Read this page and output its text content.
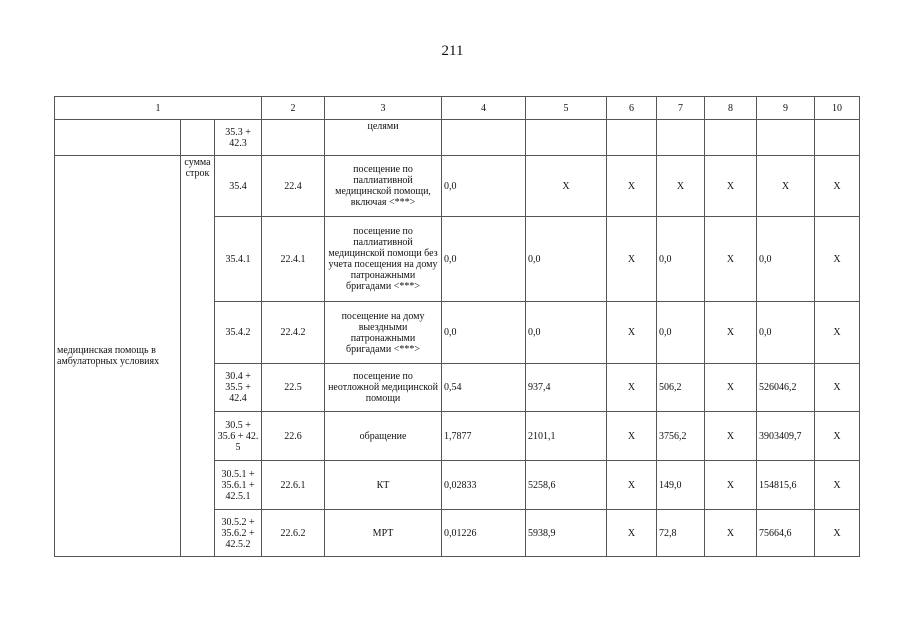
211
1			2	3	4	5	6	7	8	9	10
		35.3 + 42.3		целями							
медицинская помощь в амбулаторных условиях	сумма строк	35.4	22.4	посещение по паллиативной медицинской помощи, включая <***>	0,0	X	X	X	X	X	X
		35.4.1	22.4.1	посещение по паллиативной медицинской помощи без учета посещения на дому патронажными бригадами <***>	0,0	0,0	X	0,0	X	0,0	X
		35.4.2	22.4.2	посещение на дому выездными патронажными бригадами <***>	0,0	0,0	X	0,0	X	0,0	X
		30.4 + 35.5 + 42.4	22.5	посещение по неотложной медицинской помощи	0,54	937,4	X	506,2	X	526046,2	X
		30.5 + 35.6 + 42. 5	22.6	обращение	1,7877	2101,1	X	3756,2	X	3903409,7	X
		30.5.1 + 35.6.1 + 42.5.1	22.6.1	КТ	0,02833	5258,6	X	149,0	X	154815,6	X
		30.5.2 + 35.6.2 + 42.5.2	22.6.2	МРТ	0,01226	5938,9	X	72,8	X	75664,6	X
